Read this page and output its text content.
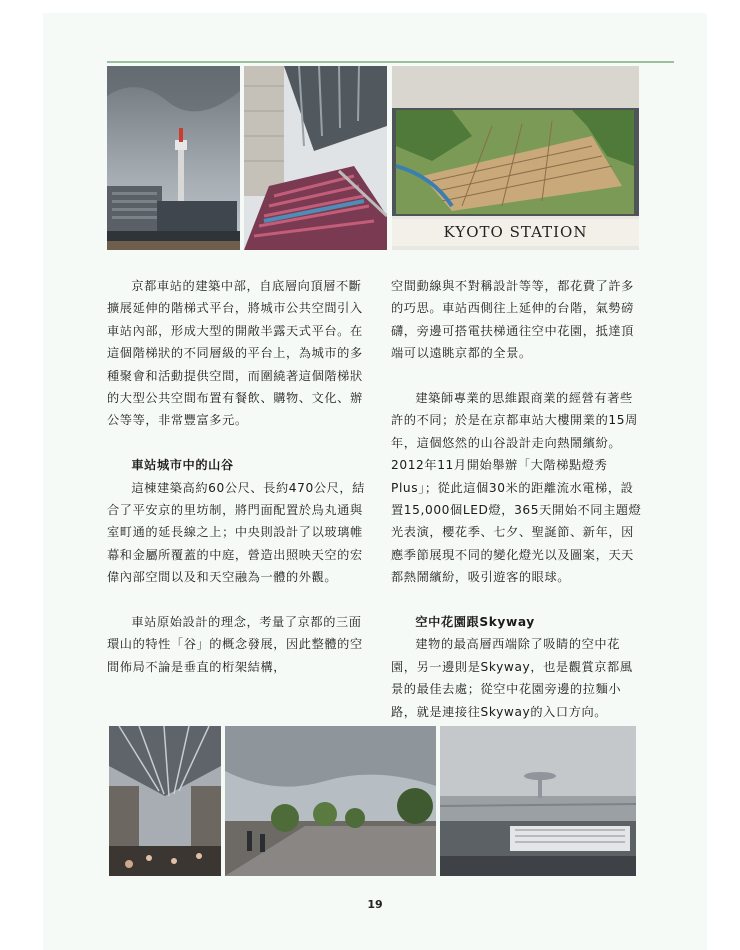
KYOTO STATION

京都車站的建築中部，自底層向頂層不斷擴展延伸的階梯式平台，將城市公共空間引入車站內部，形成大型的開敞半露天式平台。在這個階梯狀的不同層級的平台上，為城市的多種聚會和活動提供空間，而圍繞著這個階梯狀的大型公共空間布置有餐飲、購物、文化、辦公等等，非常豐富多元。

車站城市中的山谷

這棟建築高約60公尺、長約470公尺，結合了平安京的里坊制，將門面配置於烏丸通與室町通的延長線之上；中央則設計了以玻璃帷幕和金屬所覆蓋的中庭，營造出照映天空的宏偉內部空間以及和天空融為一體的外觀。

車站原始設計的理念，考量了京都的三面環山的特性「谷」的概念發展，因此整體的空間佈局不論是垂直的桁架結構，

空間動線與不對稱設計等等，都花費了許多的巧思。車站西側往上延伸的台階，氣勢磅礴，旁邊可搭電扶梯通往空中花園，抵達頂端可以遠眺京都的全景。

建築師專業的思維跟商業的經營有著些許的不同；於是在京都車站大樓開業的15周年，這個悠然的山谷設計走向熱鬧繽紛。2012年11月開始舉辦「大階梯點燈秀Plus」；從此這個30米的距離流水電梯，設置15,000個LED燈，365天開始不同主題燈光表演，櫻花季、七夕、聖誕節、新年，因應季節展現不同的變化燈光以及圖案，天天都熱鬧繽紛，吸引遊客的眼球。

空中花園跟Skyway

建物的最高層西端除了吸睛的空中花園，另一邊則是Skyway，也是觀賞京都風景的最佳去處；從空中花園旁邊的拉麵小路，就是連接往Skyway的入口方向。

19
